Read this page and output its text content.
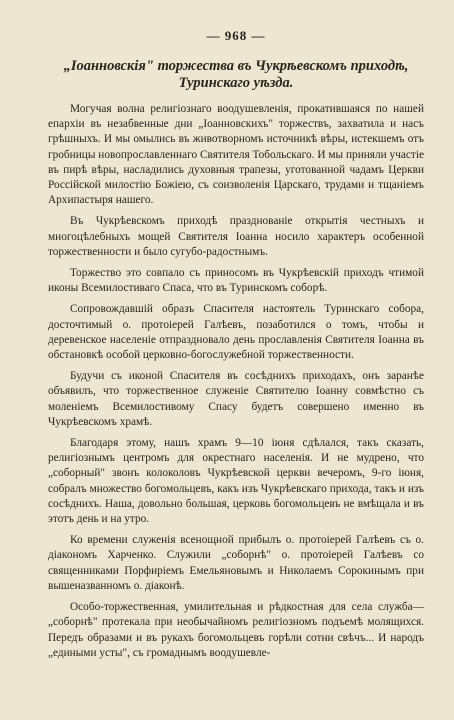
— 968 —
„Іоанновскія" торжества въ Чукрѣевскомъ приходѣ,
Туринскаго уѣзда.

Могучая волна религіознаго воодушевленія, прокатившаяся по нашей епархіи въ незабвенные дни „Іоанновскихъ" торжествъ, захватила и насъ грѣшныхъ. И мы омылись въ животворномъ источникѣ вѣры, истекшемъ отъ гробницы новопрославленнаго Святителя Тобольскаго. И мы приняли участіе въ пирѣ вѣры, насладились духовныя трапезы, уготованной чадамъ Церкви Россійской милостію Божіею, съ соизволенія Царскаго, трудами и тщаніемъ Архипастыря нашего.

Въ Чукрѣевскомъ приходѣ празднованіе открытія честныхъ и многоцѣлебныхъ мощей Святителя Іоанна носило характеръ особенной торжественности и было сугубо-радостнымъ.

Торжество это совпало съ приносомъ въ Чукрѣевскій приходъ чтимой иконы Всемилостиваго Спаса, что въ Туринскомъ соборѣ.

Сопровождавшій образъ Спасителя настоятель Туринскаго собора, досточтимый о. протоіерей Галѣевъ, позаботился о томъ, чтобы и деревенское населеніе отпраздновало день прославленія Святителя Іоанна въ обстановкѣ особой церковно-богослужебной торжественности.

Будучи съ иконой Спасителя въ сосѣднихъ приходахъ, онъ заранѣе объявилъ, что торжественное служеніе Святителю Іоанну совмѣстно съ моленіемъ Всемилостивому Спасу будетъ совершено именно въ Чукрѣевскомъ храмѣ.

Благодаря этому, нашъ храмъ 9—10 іюня сдѣлался, такъ сказать, религіознымъ центромъ для окрестнаго населенія. И не мудрено, что „соборный" звонъ колоколовъ Чукрѣевской церкви вечеромъ, 9-го іюня, собралъ множество богомольцевъ, какъ изъ Чукрѣевскаго прихода, такъ и изъ сосѣднихъ. Наша, довольно большая, церковь богомольцевъ не вмѣщала и въ этотъ день и на утро.

Ко времени служенія всенощной прибылъ о. протоіерей Галѣевъ съ о. діакономъ Харченко. Служили „соборнѣ" о. протоіерей Галѣевъ со священниками Порфиріемъ Емельяновымъ и Николаемъ Сорокинымъ при вышеназванномъ о. діаконѣ.

Особо-торжественная, умилительная и рѣдкостная для села служба—„соборнѣ" протекала при необычайномъ религіозномъ подъемѣ молящихся. Передъ образами и въ рукахъ богомольцевъ горѣли сотни свѣчъ... И народъ „едиными усты", съ громаднымъ воодушевле-
